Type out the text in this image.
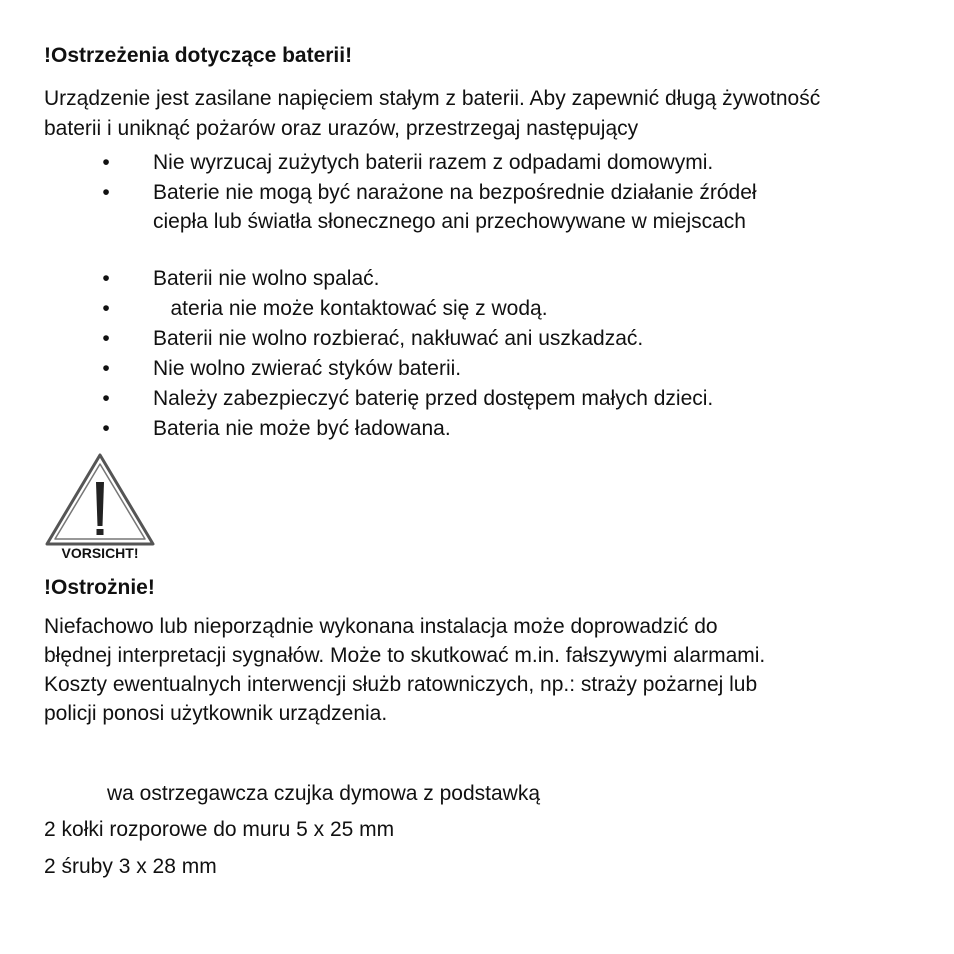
!Ostrzeżenia dotyczące baterii!
Urządzenie jest zasilane napięciem stałym z baterii. Aby zapewnić długą żywotność
baterii i uniknąć pożarów oraz urazów, przestrzegaj następujący
• Nie wyrzucaj zużytych baterii razem z odpadami domowymi.
• Baterie nie mogą być narażone na bezpośrednie działanie źródeł
ciepła lub światła słonecznego ani przechowywane w miejscach
• Baterii nie wolno spalać.
• ateria nie może kontaktować się z wodą.
• Baterii nie wolno rozbierać, nakłuwać ani uszkadzać.
• Nie wolno zwierać styków baterii.
• Należy zabezpieczyć baterię przed dostępem małych dzieci.
• Bateria nie może być ładowana.
VORSICHT!
!Ostrożnie!
Niefachowo lub nieporządnie wykonana instalacja może doprowadzić do
błędnej interpretacji sygnałów. Może to skutkować m.in. fałszywymi alarmami.
Koszty ewentualnych interwencji służb ratowniczych, np.: straży pożarnej lub
policji ponosi użytkownik urządzenia.
wa ostrzegawcza czujka dymowa z podstawką
2 kołki rozporowe do muru 5 x 25 mm
2 śruby 3 x 28 mm
